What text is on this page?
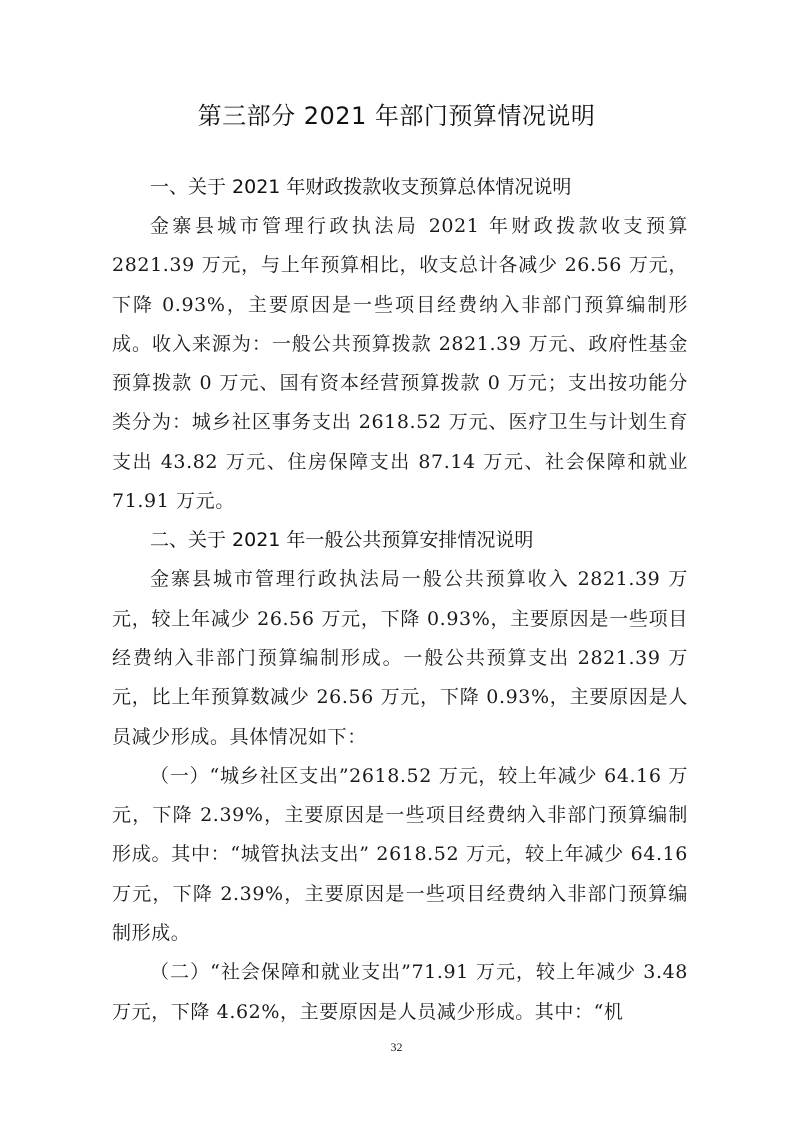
第三部分 2021 年部门预算情况说明
一、关于 2021 年财政拨款收支预算总体情况说明
金寨县城市管理行政执法局 2021 年财政拨款收支预算 2821.39 万元，与上年预算相比，收支总计各减少 26.56 万元，下降 0.93%，主要原因是一些项目经费纳入非部门预算编制形成。收入来源为：一般公共预算拨款 2821.39 万元、政府性基金预算拨款 0 万元、国有资本经营预算拨款 0 万元；支出按功能分类分为：城乡社区事务支出 2618.52 万元、医疗卫生与计划生育支出 43.82 万元、住房保障支出 87.14 万元、社会保障和就业 71.91 万元。
二、关于 2021 年一般公共预算安排情况说明
金寨县城市管理行政执法局一般公共预算收入 2821.39 万元，较上年减少 26.56 万元，下降 0.93%，主要原因是一些项目经费纳入非部门预算编制形成。一般公共预算支出 2821.39 万元，比上年预算数减少 26.56 万元，下降 0.93%，主要原因是人员减少形成。具体情况如下：
（一）“城乡社区支出”2618.52 万元，较上年减少 64.16 万元，下降 2.39%，主要原因是一些项目经费纳入非部门预算编制形成。其中：“城管执法支出” 2618.52 万元，较上年减少 64.16 万元，下降 2.39%，主要原因是一些项目经费纳入非部门预算编制形成。
（二）“社会保障和就业支出”71.91 万元，较上年减少 3.48 万元，下降 4.62%，主要原因是人员减少形成。其中：“机
32
